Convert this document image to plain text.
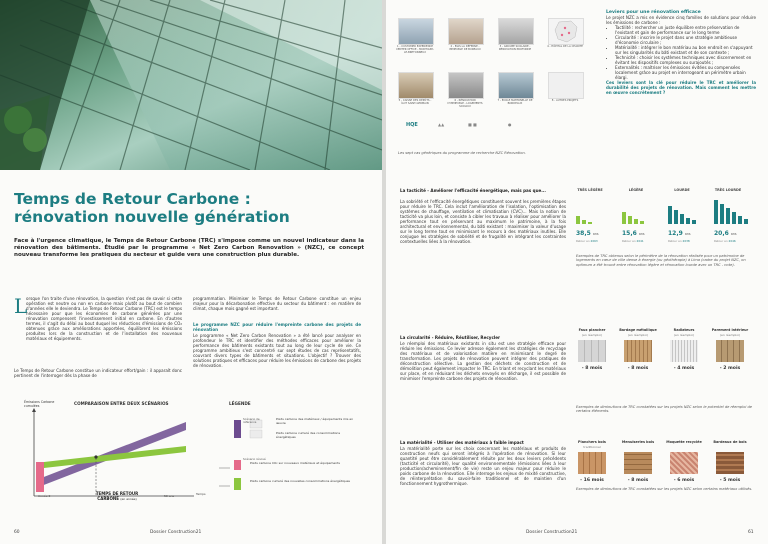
Temps de Retour Carbone :
rénovation nouvelle génération
Face à l'urgence climatique, le Temps de Retour Carbone (TRC) s'impose comme un nouvel indicateur dans la rénovation des bâtiments. Étudié par le programme « Net Zero Carbon Renovation » (NZC), ce concept nouveau transforme les pratiques du secteur et guide vers une construction plus durable.
L
orsque l'on traite d'une rénovation, la question n'est pas de savoir si cette opération est neutre ou non en carbone mais plutôt au bout de combien d'années elle le deviendra. Le Temps de Retour Carbone (TRC) est le temps nécessaire pour que les économies de carbone générées par une rénovation compensent l'investissement initial en carbone. En d'autres termes, il s'agit du délai au bout duquel les réductions d'émissions de CO₂ obtenues grâce aux améliorations apportées, équilibrent les émissions produites lors de la construction et de l'installation des nouveaux matériaux et équipements.
Le Temps de Retour Carbone constitue un indicateur effort/gain : il apparaît donc pertinent de l'interroger dès la phase de
programmation. Minimiser le Temps de Retour Carbone constitue un enjeu majeur pour la décarbonation effective du secteur du bâtiment : en matière de climat, chaque mois gagné est important.
Le programme NZC pour réduire l'empreinte carbone des projets de rénovation
Le programme « Net Zero Carbon Renovation » a été lancé pour analyser en profondeur le TRC et identifier des méthodes efficaces pour améliorer la performance des bâtiments existants tout au long de leur cycle de vie. Ce programme ambitieux s'est concentré sur sept études de cas représentatifs, couvrant divers types de bâtiments et situations. L'objectif ? Trouver des solutions pratiques et efficaces pour réduire les émissions de carbone des projets de rénovation.
Émissions Carbone cumulées	COMPARAISON ENTRE DEUX SCÉNARIOS	LÉGENDE
Année 0	TEMPS DE RETOUR
CARBONE (en année)
50 ans	Temps
Scénario de référence
Poids carbone des matériaux / équipements mis en œuvre
Poids carbone cumulé des consommations énergétiques
Scénario rénové
Poids carbone CO₂ sur nouveaux matériaux et équipements
Poids carbone cumulé des nouvelles consommations énergétiques
60	Dossier Construction21
1 - CUSTOMER EXPERIENCE CENTER OFFICE - MONTIGNY-LE-BRETONNEUX
2 - EGIS LA DÉFENSE - IMMEUBLE DE BUREAUX
3 - GROUPE SCOLAIRE - RÉNOVATION PROFONDE
5 - CAISSE DES DÉPÔTS - ÎLOT SAINT-GERMAIN
6 - RÉNOVATION D'IMMEUBLE - LOGEMENTS SOCIAUX
7 - ÉCOLE MATERNELLE DE BORDEAUX
8 - AUTRES PROJETS
4 - HÔPITAL DE LA CHARITÉ
HQE	▲▲	■ ■	●
Les sept cas génériques du programme de recherche NZC Rénovation.
Leviers pour une rénovation efficace
Le projet NZC a mis en évidence cinq familles de solutions pour réduire les émissions de carbone :
• Tactilité : rechercher un juste équilibre entre préservation de l'existant et gain de performance sur le long terme
• Circularité : inscrire le projet dans une stratégie ambitieuse d'économie circulaire ;
• Matérialité : intégrer le bon matériau au bon endroit en s'appuyant sur les singularités du bâti existant et de son contexte ;
• Technicité : choisir les systèmes techniques avec discernement en évitant les dispositifs complexes ou surajoutés ;
• Externalités : maîtriser les émissions évitées ou compensées localement grâce au projet en interrogeant un périmètre urbain élargi.
Ces leviers sont la clé pour réduire le TRC et améliorer la durabilité des projets de rénovation. Mais comment les mettre en œuvre concrètement ?
La tacticité - Améliorer l'efficacité énergétique, mais pas que...
La sobriété et l'efficacité énergétiques constituent souvent les premières étapes pour réduire le TRC. Cela inclut l'amélioration de l'isolation, l'optimisation des systèmes de chauffage, ventilation et climatisation (CVC)... Mais la notion de tacticité va plus loin, et consiste à cibler les travaux à réaliser pour améliorer la performance tout en préservant au maximum le patrimoine, à la fois architectural et environnemental, du bâti existant : maximiser la valeur d'usage sur le long terme tout en minimisant le recours à des matériaux inutiles. Elle conjugue les stratégies de sobriété et de frugalité en intégrant les contraintes contextuelles liées à la rénovation.
TRÈS LÉGÈRE	LÉGÈRE	LOURDE	TRÈS LOURDE
38,5 ans	15,6 ans	12,9 ans	20,6 ans
Retour en 2063	Retour en 2041	Retour en 2038	Retour en 2046
Exemples de TRC obtenus selon le périmètre de la rénovation réalisée pour un patrimoine de logements en cœur de ville dense à énergie (ou géothérapie) à Lima (cadre du projet NZC, on optimum a été trouvé entre rénovation légère et rénovation lourde avec un TRC - note).
La circularité - Réduire, Réutiliser, Recycler
Le réemploi des matériaux existants in situ est une stratégie efficace pour réduire les émissions. Ce levier adresse également les stratégies de recyclage des matériaux et de valorisation matière en minimisant le degré de transformation. Les projets de rénovation peuvent intégrer des pratiques de déconstruction sélective. La gestion des déchets de construction et de démolition peut également impacter le TRC. En triant et recyclant les matériaux sur place, et en réduisant les déchets envoyés en décharge, il est possible de minimiser l'empreinte carbone des projets de rénovation.
Faux plancher	Bardage métallique	Radiateurs	Parement intérieur
(en réemploi)	(en réemploi)	(en réemploi)	(en réemploi)
- 8 mois	- 8 mois	- 4 mois	- 2 mois
Exemples de diminutions de TRC constatées sur les projets NZC selon le potentiel de réemploi de certains éléments.
La matérialité - Utiliser des matériaux à faible impact
La matérialité porte sur les choix concernant les matériaux et produits de construction neufs qui seront intégrés à l'opération de rénovation. Si leur quantité peut être considérablement réduite par les deux leviers précédents (tacticité et circularité), leur qualité environnementale (émissions liées à leur production/acheminement/fin de vie) reste un enjeu majeur pour réduire le poids carbone de la rénovation. Elle interroge les enjeux de mixité constructive, de réinterprétation du savoir-faire traditionnel et de maintien d'un fonctionnement hygrothermique.
Planchers bois	Menuiseries bois	Moquette recyclée	Bardeaux de bois
traditionnel
- 16 mois	- 8 mois	- 6 mois	- 5 mois
Exemples de diminutions de TRC constatées sur les projets NZC selon certains matériaux utilisés.
Dossier Construction21	61
